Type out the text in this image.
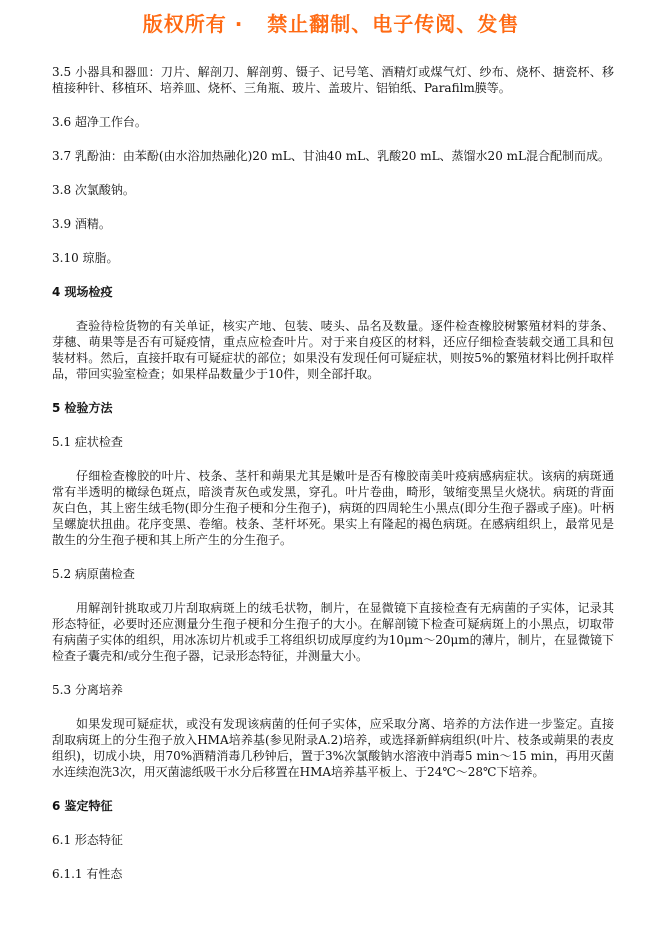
版权所有 ·   禁止翻制、电子传阅、发售

3.5 小器具和器皿：刀片、解剖刀、解剖剪、镊子、记号笔、酒精灯或煤气灯、纱布、烧杯、搪瓷杯、移植接种针、移植环、培养皿、烧杯、三角瓶、玻片、盖玻片、铝铂纸、Parafilm膜等。

3.6 超净工作台。

3.7 乳酚油：由苯酚(由水浴加热融化)20 mL、甘油40 mL、乳酸20 mL、蒸馏水20 mL混合配制而成。

3.8 次氯酸钠。

3.9 酒精。

3.10 琼脂。

4 现场检疫

查验待检货物的有关单证，核实产地、包装、唛头、品名及数量。逐件检查橡胶树繁殖材料的芽条、芽穗、萌果等是否有可疑疫情，重点应检查叶片。对于来自疫区的材料，还应仔细检查装载交通工具和包装材料。然后，直接扦取有可疑症状的部位；如果没有发现任何可疑症状，则按5%的繁殖材料比例扦取样品，带回实验室检查；如果样品数量少于10件，则全部扦取。

5 检验方法

5.1 症状检查

仔细检查橡胶的叶片、枝条、茎杆和蒴果尤其是嫩叶是否有橡胶南美叶疫病感病症状。该病的病斑通常有半透明的橄绿色斑点，暗淡青灰色或发黑，穿孔。叶片卷曲，畸形，皱缩变黑呈火烧状。病斑的背面灰白色，其上密生绒毛物(即分生孢子梗和分生孢子)，病斑的四周轮生小黑点(即分生孢子器或子座)。叶柄呈螺旋状扭曲。花序变黑、卷缩。枝条、茎杆坏死。果实上有隆起的褐色病斑。在感病组织上，最常见是散生的分生孢子梗和其上所产生的分生孢子。

5.2 病原菌检查

用解剖针挑取或刀片刮取病斑上的绒毛状物，制片，在显微镜下直接检查有无病菌的子实体，记录其形态特征，必要时还应测量分生孢子梗和分生孢子的大小。在解剖镜下检查可疑病斑上的小黑点，切取带有病菌子实体的组织，用冰冻切片机或手工将组织切成厚度约为10μm～20μm的薄片，制片，在显微镜下检查子囊壳和/或分生孢子器，记录形态特征，并测量大小。

5.3 分离培养

如果发现可疑症状，或没有发现该病菌的任何子实体，应采取分离、培养的方法作进一步鉴定。直接刮取病斑上的分生孢子放入HMA培养基(参见附录A.2)培养，或选择新鲜病组织(叶片、枝条或蒴果的表皮组织)，切成小块，用70%酒精消毒几秒钟后，置于3%次氯酸钠水溶液中消毒5 min～15 min，再用灭菌水连续泡洗3次，用灭菌滤纸吸干水分后移置在HMA培养基平板上、于24℃～28℃下培养。

6 鉴定特征

6.1 形态特征

6.1.1 有性态
